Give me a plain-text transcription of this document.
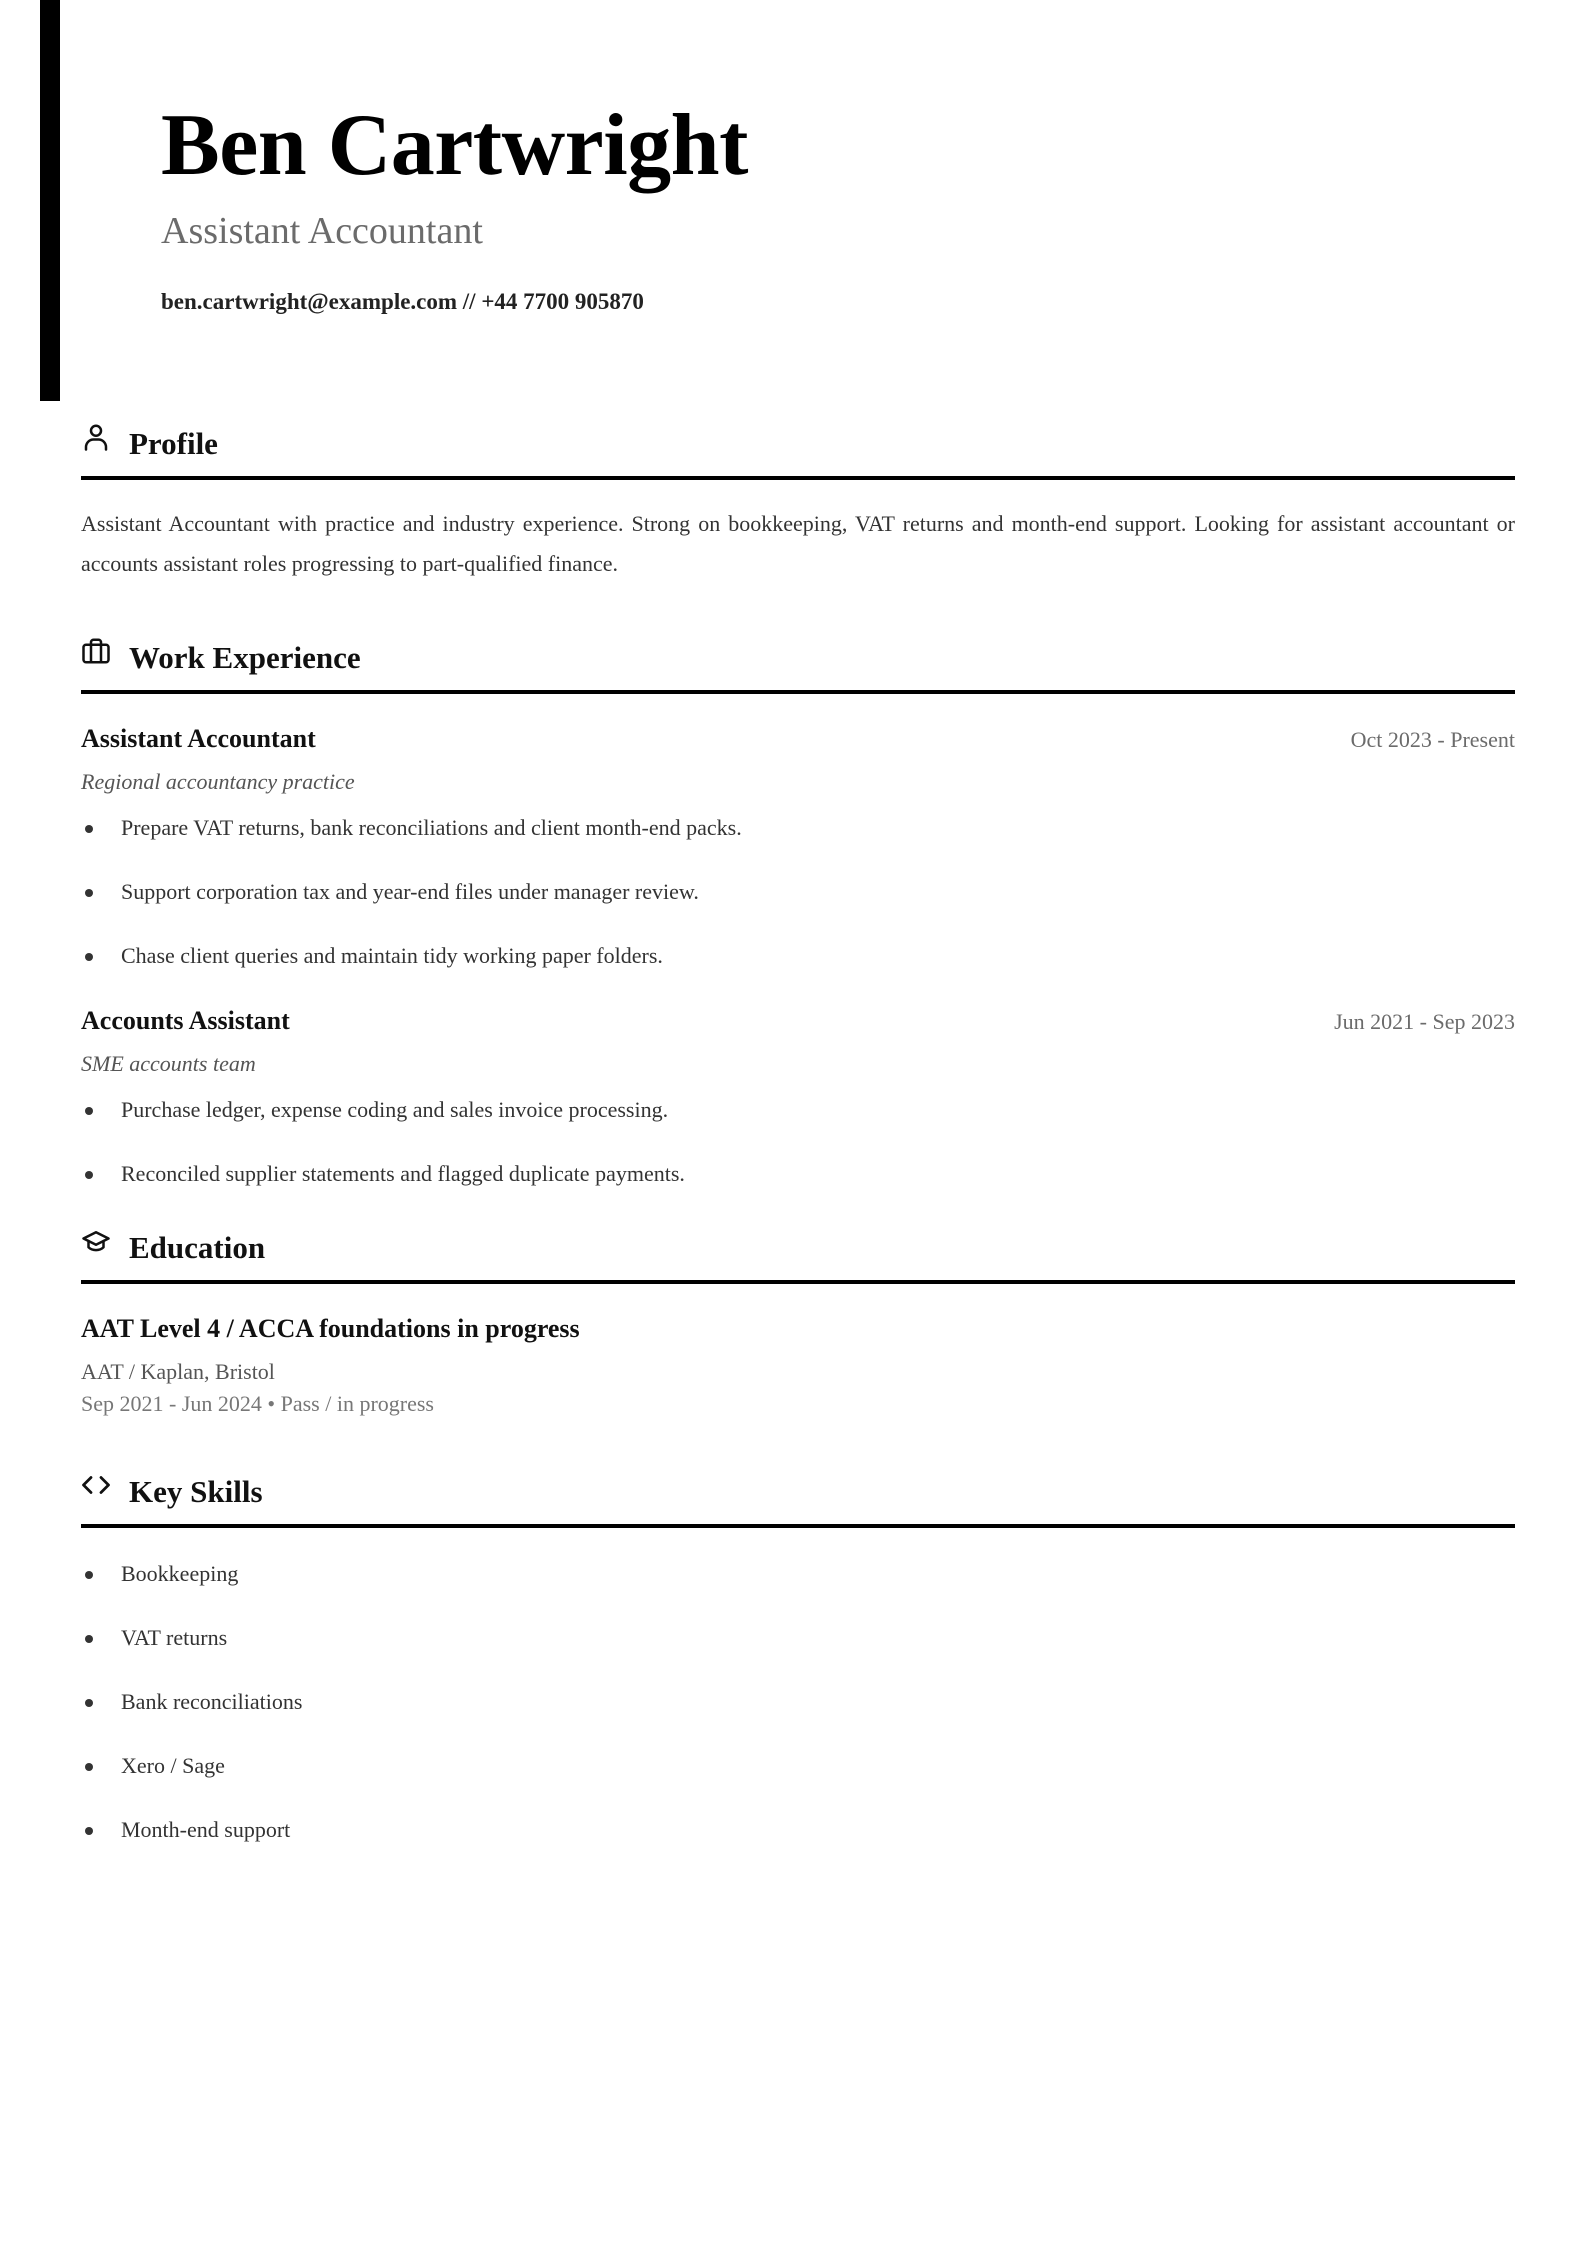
Ben Cartwright
Assistant Accountant
ben.cartwright@example.com // +44 7700 905870
Profile

Assistant Accountant with practice and industry experience. Strong on bookkeeping, VAT returns and month-end support. Looking for assistant accountant or accounts assistant roles progressing to part-qualified finance.

Work Experience
Assistant Accountant	Oct 2023 - Present
Regional accountancy practice
Prepare VAT returns, bank reconciliations and client month-end packs.
Support corporation tax and year-end files under manager review.
Chase client queries and maintain tidy working paper folders.
Accounts Assistant	Jun 2021 - Sep 2023
SME accounts team
Purchase ledger, expense coding and sales invoice processing.
Reconciled supplier statements and flagged duplicate payments.
Education
AAT Level 4 / ACCA foundations in progress
AAT / Kaplan, Bristol
Sep 2021 - Jun 2024 • Pass / in progress
Key Skills
Bookkeeping
VAT returns
Bank reconciliations
Xero / Sage
Month-end support
